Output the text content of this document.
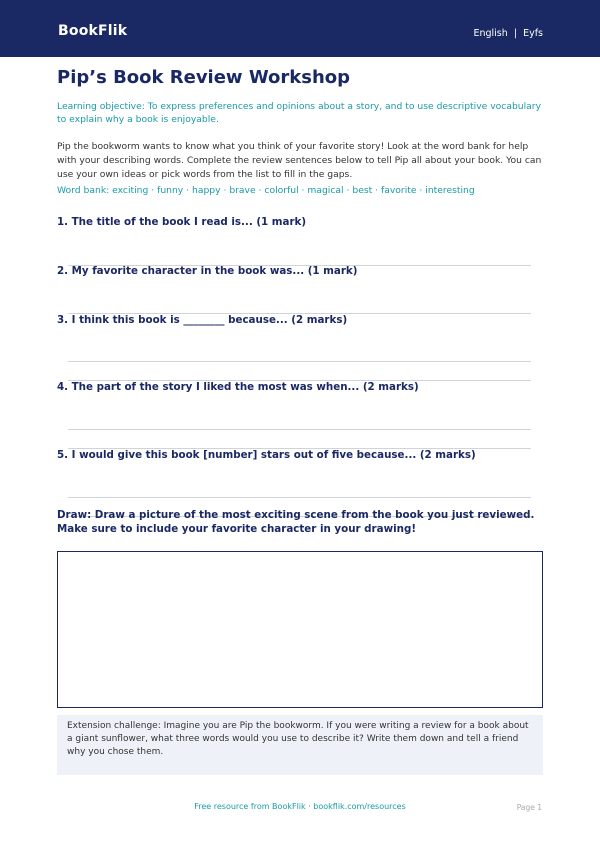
BookFlik	English | Eyfs
Pip’s Book Review Workshop
Learning objective: To express preferences and opinions about a story, and to use descriptive vocabulary to explain why a book is enjoyable.
Pip the bookworm wants to know what you think of your favorite story! Look at the word bank for help with your describing words. Complete the review sentences below to tell Pip all about your book. You can use your own ideas or pick words from the list to fill in the gaps.
Word bank: exciting · funny · happy · brave · colorful · magical · best · favorite · interesting
1. The title of the book I read is... (1 mark)
2. My favorite character in the book was... (1 mark)
3. I think this book is ________ because... (2 marks)
4. The part of the story I liked the most was when... (2 marks)
5. I would give this book [number] stars out of five because... (2 marks)
Draw: Draw a picture of the most exciting scene from the book you just reviewed. Make sure to include your favorite character in your drawing!
Extension challenge: Imagine you are Pip the bookworm. If you were writing a review for a book about a giant sunflower, what three words would you use to describe it? Write them down and tell a friend why you chose them.
Free resource from BookFlik · bookflik.com/resources	Page 1
